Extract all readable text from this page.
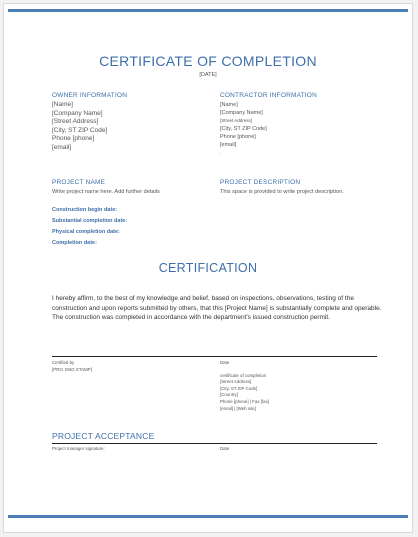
CERTIFICATE OF COMPLETION
[DATE]
OWNER INFORMATION
[Name]
[Company Name]
[Street Address]
[City, ST ZIP Code]
Phone [phone]
[email]
CONTRACTOR INFORMATION
[Name]
[Company Name]
[Street Address]
[City, ST ZIP Code]
Phone [phone]
[email]
.
PROJECT NAME
Write project name here. Add further details
PROJECT DESCRIPTION
This space is provided to write project description.
Construction begin date:
Substantial completion date:
Physical completion date:
Completion date:
CERTIFICATION
I hereby affirm, to the best of my knowledge and belief, based on inspections, observations, testing of the construction and upon reports submitted by others, that this [Project Name] is substantially complete and operable. The construction was completed in accordance with the department's issued construction permit.
Certified by
[PRO. ENG STAMP]
Date
certificate of completion
[Street Address]
[City, ST ZIP Code]
[Country]
Phone [phone] | Fax [fax]
[email] | [Web site]
PROJECT ACCEPTANCE
Project manager signature:	Date
